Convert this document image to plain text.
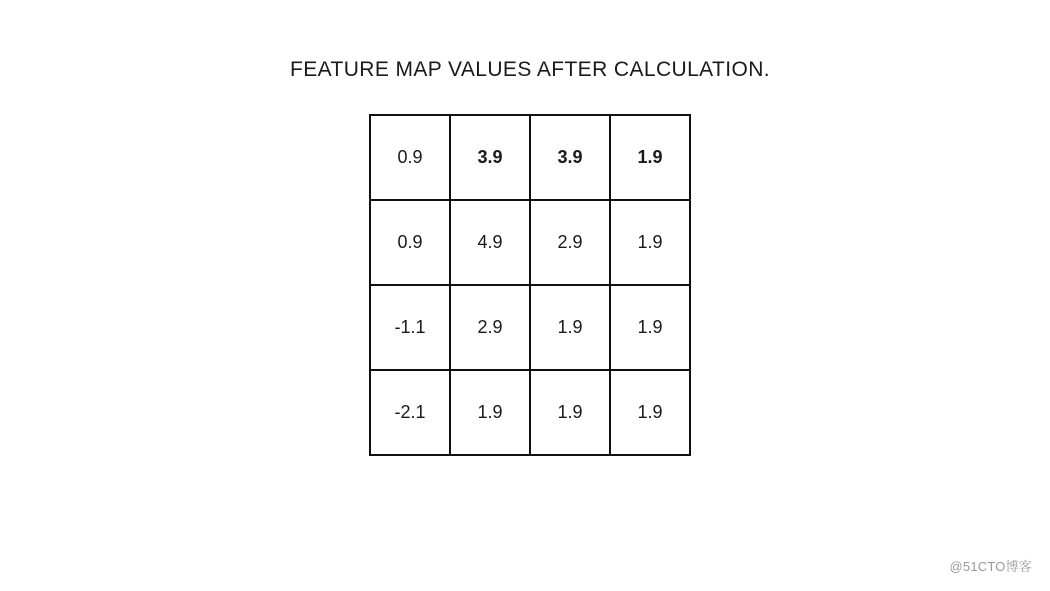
FEATURE MAP VALUES AFTER CALCULATION.
0.9	3.9	3.9	1.9
0.9	4.9	2.9	1.9
-1.1	2.9	1.9	1.9
-2.1	1.9	1.9	1.9
@51CTO博客
